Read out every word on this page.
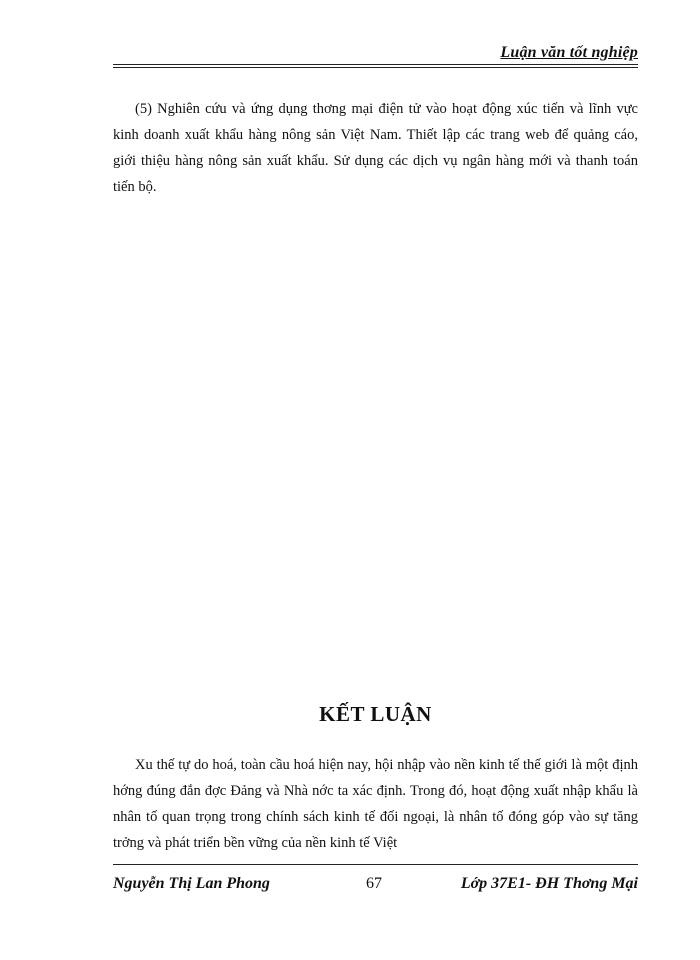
Luận văn tốt nghiệp

(5) Nghiên cứu và ứng dụng thơng mại điện tử vào hoạt động xúc tiến và lĩnh vực kinh doanh xuất khẩu hàng nông sản Việt Nam. Thiết lập các trang web để quảng cáo, giới thiệu hàng nông sản xuất khẩu. Sử dụng các dịch vụ ngân hàng mới và thanh toán tiến bộ.

KẾT LUẬN

Xu thế tự do hoá, toàn cầu hoá hiện nay, hội nhập vào nền kinh tế thế giới là một định hớng đúng đắn đợc Đảng và Nhà nớc ta xác định. Trong đó, hoạt động xuất nhập khẩu là nhân tố quan trọng trong chính sách kinh tế đối ngoại, là nhân tố đóng góp vào sự tăng trởng và phát triển bền vững của nền kinh tế Việt

Nguyễn Thị Lan Phong	67	Lớp 37E1- ĐH Thơng Mại
